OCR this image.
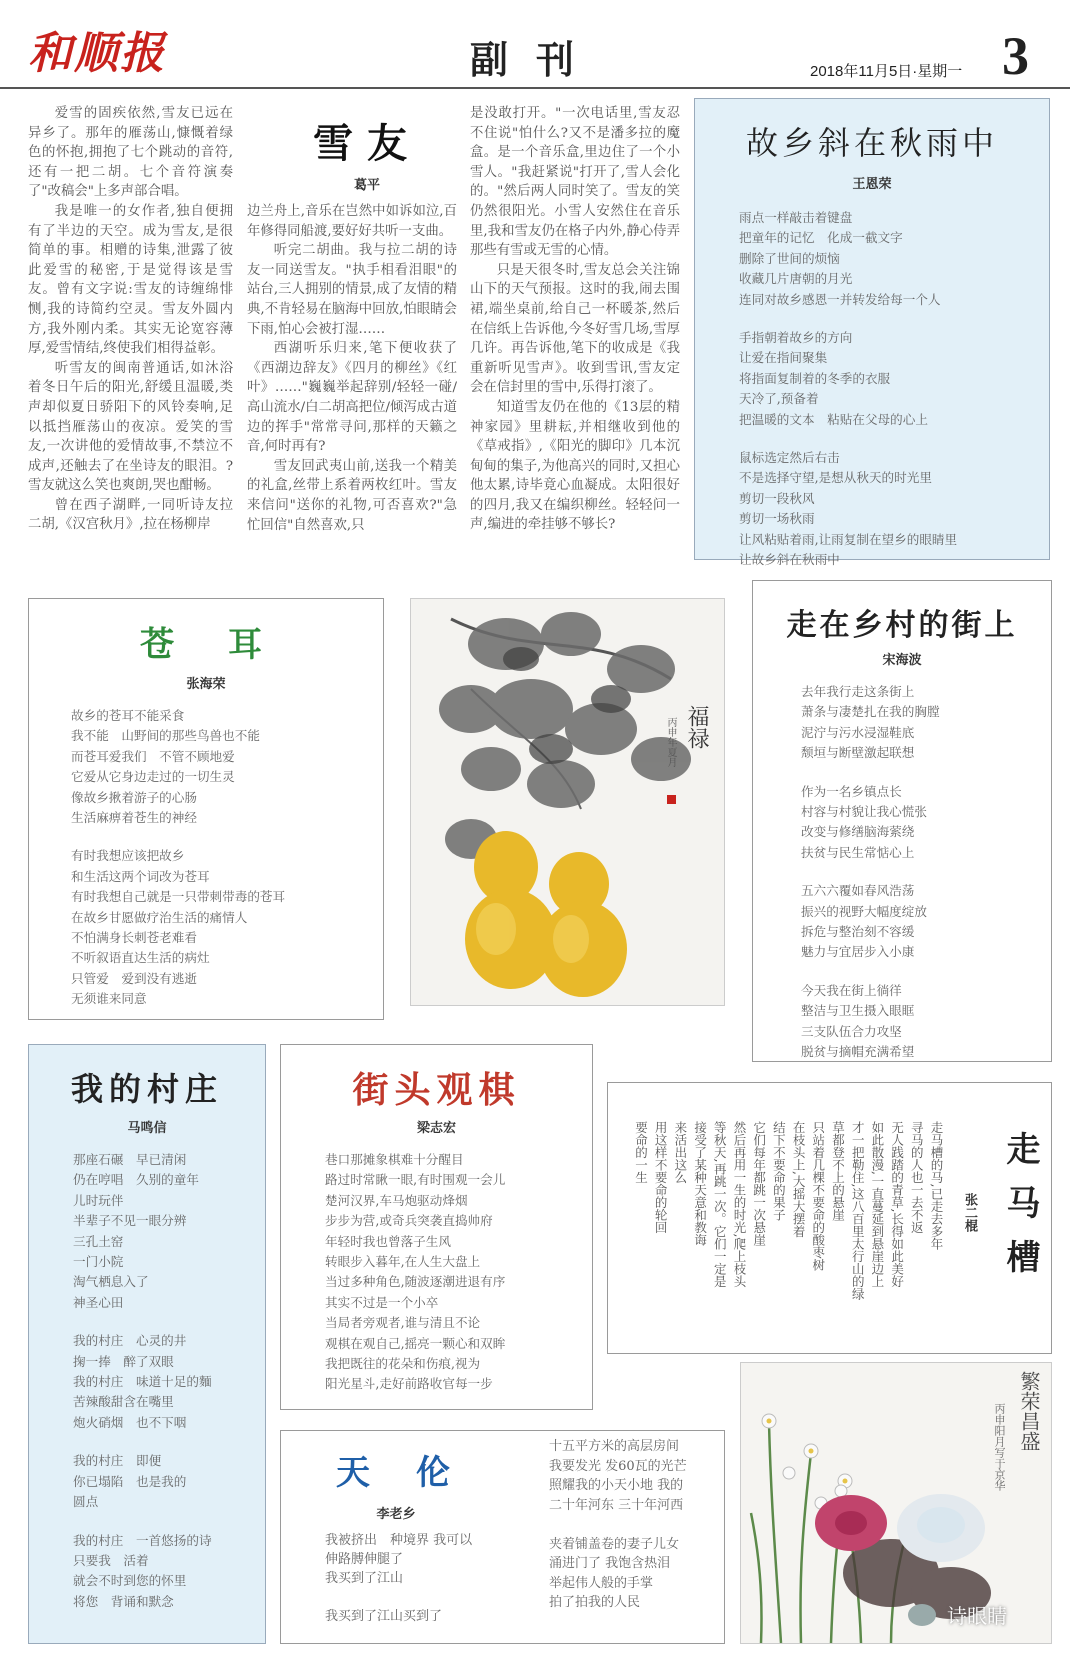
和顺报	副刊	2018年11月5日·星期一 3

爱雪的固疾依然,雪友已远在异乡了。那年的雁荡山,慷慨着绿色的怀抱,拥抱了七个跳动的音符,还有一把二胡。七个音符演奏了"改稿会"上多声部合唱。

我是唯一的女作者,独自便拥有了半边的天空。成为雪友,是很简单的事。相赠的诗集,泄露了彼此爱雪的秘密,于是觉得该是雪友。曾有文字说:雪友的诗缠绵悱恻,我的诗简约空灵。雪友外圆内方,我外刚内柔。其实无论宽容薄厚,爱雪情结,终使我们相得益彰。

听雪友的闽南普通话,如沐浴着冬日午后的阳光,舒缓且温暖,类声却似夏日骄阳下的风铃奏响,足以抵挡雁荡山的夜凉。爱笑的雪友,一次讲他的爱情故事,不禁泣不成声,还触去了在坐诗友的眼泪。?雪友就这么笑也爽朗,哭也酣畅。

曾在西子湖畔,一同听诗友拉二胡,《汉宫秋月》,拉在杨柳岸

雪友
葛平

边兰舟上,音乐在岂然中如诉如泣,百年修得同船渡,要好好共听一支曲。

听完二胡曲。我与拉二胡的诗友一同送雪友。"执手相看泪眼"的站台,三人拥别的情景,成了友情的精典,不肯轻易在脑海中回放,怕眼睛会下雨,怕心会被打湿……

西湖听乐归来,笔下便收获了《西湖边辞友》《四月的柳丝》《红叶》……"巍巍举起辞别/轻轻一碰/高山流水/白二胡高把位/倾泻成古道边的挥手"常常寻问,那样的天籁之音,何时再有?

雪友回武夷山前,送我一个精美的礼盒,丝带上系着两枚红叶。雪友来信问"送你的礼物,可否喜欢?"急忙回信"自然喜欢,只

是没敢打开。"一次电话里,雪友忍不住说"怕什么?又不是潘多拉的魔盒。是一个音乐盒,里边住了一个小雪人。"我赶紧说"打开了,雪人会化的。"然后两人同时笑了。雪友的笑仍然很阳光。小雪人安然住在音乐里,我和雪友仍在格子内外,静心侍弄那些有雪或无雪的心情。

只是天很冬时,雪友总会关注锦山下的天气预报。这时的我,闹去围裙,端坐桌前,给自己一杯暖茶,然后在信纸上告诉他,今冬好雪几场,雪厚几许。再告诉他,笔下的收成是《我重新听见雪声》。收到雪讯,雪友定会在信封里的雪中,乐得打滚了。

知道雪友仍在他的《13层的精神家园》里耕耘,并相继收到他的《草戒指》,《阳光的脚印》几本沉甸甸的集子,为他高兴的同时,又担心他太累,诗毕竟心血凝成。太阳很好的四月,我又在编织柳丝。轻轻问一声,编进的牵挂够不够长?

故乡斜在秋雨中
王恩荣
雨点一样敲击着键盘
把童年的记忆　化成一截文字
删除了世间的烦恼
收藏几片唐朝的月光
连同对故乡感恩一并转发给每一个人
手指朝着故乡的方向
让爱在指间聚集
将指面复制着的冬季的衣服
天冷了,预备着
把温暖的文本　粘贴在父母的心上
鼠标选定然后右击
不是选择守望,是想从秋天的时光里
剪切一段秋风
剪切一场秋雨
让风粘贴着雨,让雨复制在望乡的眼睛里
让故乡斜在秋雨中
苍　耳
张海荣
故乡的苍耳不能采食
我不能　山野间的那些鸟兽也不能
而苍耳爱我们　不管不顾地爱
它爱从它身边走过的一切生灵
像故乡揪着游子的心肠
生活麻痹着苍生的神经
有时我想应该把故乡
和生活这两个词改为苍耳
有时我想自己就是一只带刺带毒的苍耳
在故乡甘愿做疗治生活的痛情人
不怕满身长刺苍老难看
不听叙语直达生活的病灶
只管爱　爱到没有逃逝
无须谁来同意
福禄
丙申年夏月
走在乡村的街上
宋海波
去年我行走这条街上
萧条与凄楚扎在我的胸膛
泥泞与污水浸湿鞋底
颓垣与断壁激起联想
作为一名乡镇点长
村容与村貌让我心慌张
改变与修缮脑海萦绕
扶贫与民生常惦心上
五六六覆如春风浩荡
振兴的视野大幅度绽放
拆危与整治刻不容缓
魅力与宜居步入小康
今天我在街上徜徉
整洁与卫生摄入眼眶
三支队伍合力攻坚
脱贫与摘帽充满希望
我的村庄
马鸣信
那座石碾　早已清闲
仍在哼唱　久别的童年
儿时玩伴
半辈子不见一眼分辨
三孔土窑
一门小院
淘气栖息入了
神圣心田
我的村庄　心灵的井
掬一捧　醉了双眼
我的村庄　味道十足的麵
苦辣酸甜含在嘴里
炮火硝烟　也不下咽
我的村庄　即便
你已塌陷　也是我的
圆点
我的村庄　一首悠扬的诗
只要我　活着
就会不时到您的怀里
将您　背诵和默念
街头观棋
梁志宏
巷口那摊象棋难十分醒目
路过时常瞅一眼,有时围观一会儿
楚河汉界,车马炮驱动烽烟
步步为营,或奇兵突袭直捣帅府
年轻时我也曾落子生风
转眼步入暮年,在人生大盘上
当过多种角色,随波逐潮进退有序
其实不过是一个小卒
当局者旁观者,谁与清且不论
观棋在观自己,摇亮一颗心和双眸
我把既往的花朵和伤痕,视为
阳光星斗,走好前路收官每一步
天　伦
李老乡
我被挤出　种境界 我可以
伸路膊伸腿了
我买到了江山

我买到了江山买到了
十五平方米的高层房间
我要发光 发60瓦的光芒
照耀我的小天小地 我的
二十年河东 三十年河西

夹着铺盖卷的妻子儿女
涌进门了 我饱含热泪
举起伟人般的手掌
拍了拍我的人民
走马槽
张二棍
走马槽的马,已走去多年
寻马的人也一去不返
无人践踏的青草,长得如此美好
如此散漫,一直蔓延到悬崖边上
才一把勒住,这八百里太行山的绿
草都登不上的悬崖
只站着几棵不要命的酸枣树
在枝头上,大摇大摆着
结下不要命的果子
它们每年都跳一次悬崖
然后再用一生的时光,爬上枝头
等秋天,再跳一次。它们一定是
接受了某种天意和教诲
来活出这么
用这样不要命的轮回
要命的一生
繁荣昌盛
丙申阳月写于京华
诗眼睛
